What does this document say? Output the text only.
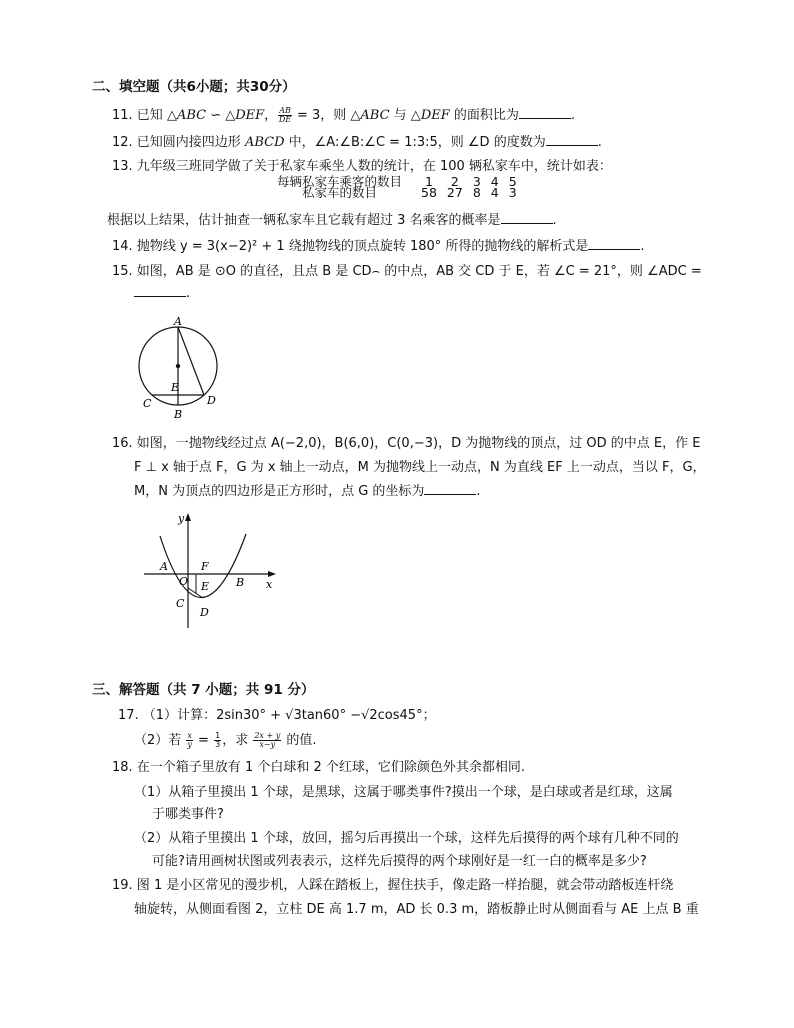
二、填空题（共6小题；共30分）
11. 已知 △ABC ∽ △DEF， $\frac{AB}{DE} = 3$，则 △ABC 与 △DEF 的面积比为	.
12. 已知圆内接四边形 ABCD 中，∠A:∠B:∠C = 1:3:5，则 ∠D 的度数为	.
13. 九年级三班同学做了关于私家车乘坐人数的统计，在 100 辆私家车中，统计如表：
每辆私家车乘客的数目	1	2	3	4	5
私家车的数目	58	27	8	4	3
根据以上结果，估计抽查一辆私家车且它载有超过 3 名乘客的概率是	.
14. 抛物线 y = 3(x−2)² + 1 绕抛物线的顶点旋转 180° 所得的抛物线的解析式是	.
15. 如图，AB 是 ⊙O 的直径，且点 B 是 CD⌢ 的中点，AB 交 CD 于 E，若 ∠C = 21°，则 ∠ADC =
.
A
B
C	D
E
16. 如图，一抛物线经过点 A(−2,0)，B(6,0)，C(0,−3)，D 为抛物线的顶点，过 OD 的中点 E，作 E
F ⊥ x 轴于点 F，G 为 x 轴上一动点，M 为抛物线上一动点，N 为直线 EF 上一动点，当以 F，G，
M，N 为顶点的四边形是正方形时，点 G 的坐标为	.
y
x
A
O
F
E B
C
D
三、解答题（共 7 小题；共 91 分）
17. （1）计算：2sin30° + √3tan60° −√2cos45°；
（2）若 $\frac{x}{y} = \frac{1}{3}$ ，求 $\frac{2x + y}{x-y}$ 的值.
18. 在一个箱子里放有 1 个白球和 2 个红球，它们除颜色外其余都相同.
（1）从箱子里摸出 1 个球，是黑球，这属于哪类事件?摸出一个球，是白球或者是红球，这属
于哪类事件?
（2）从箱子里摸出 1 个球，放回，摇匀后再摸出一个球，这样先后摸得的两个球有几种不同的
可能?请用画树状图或列表表示，这样先后摸得的两个球刚好是一红一白的概率是多少?
19. 图 1 是小区常见的漫步机，人踩在踏板上，握住扶手，像走路一样抬腿，就会带动踏板连杆绕
轴旋转，从侧面看图 2，立柱 DE 高 1.7 m，AD 长 0.3 m，踏板静止时从侧面看与 AE 上点 B 重
